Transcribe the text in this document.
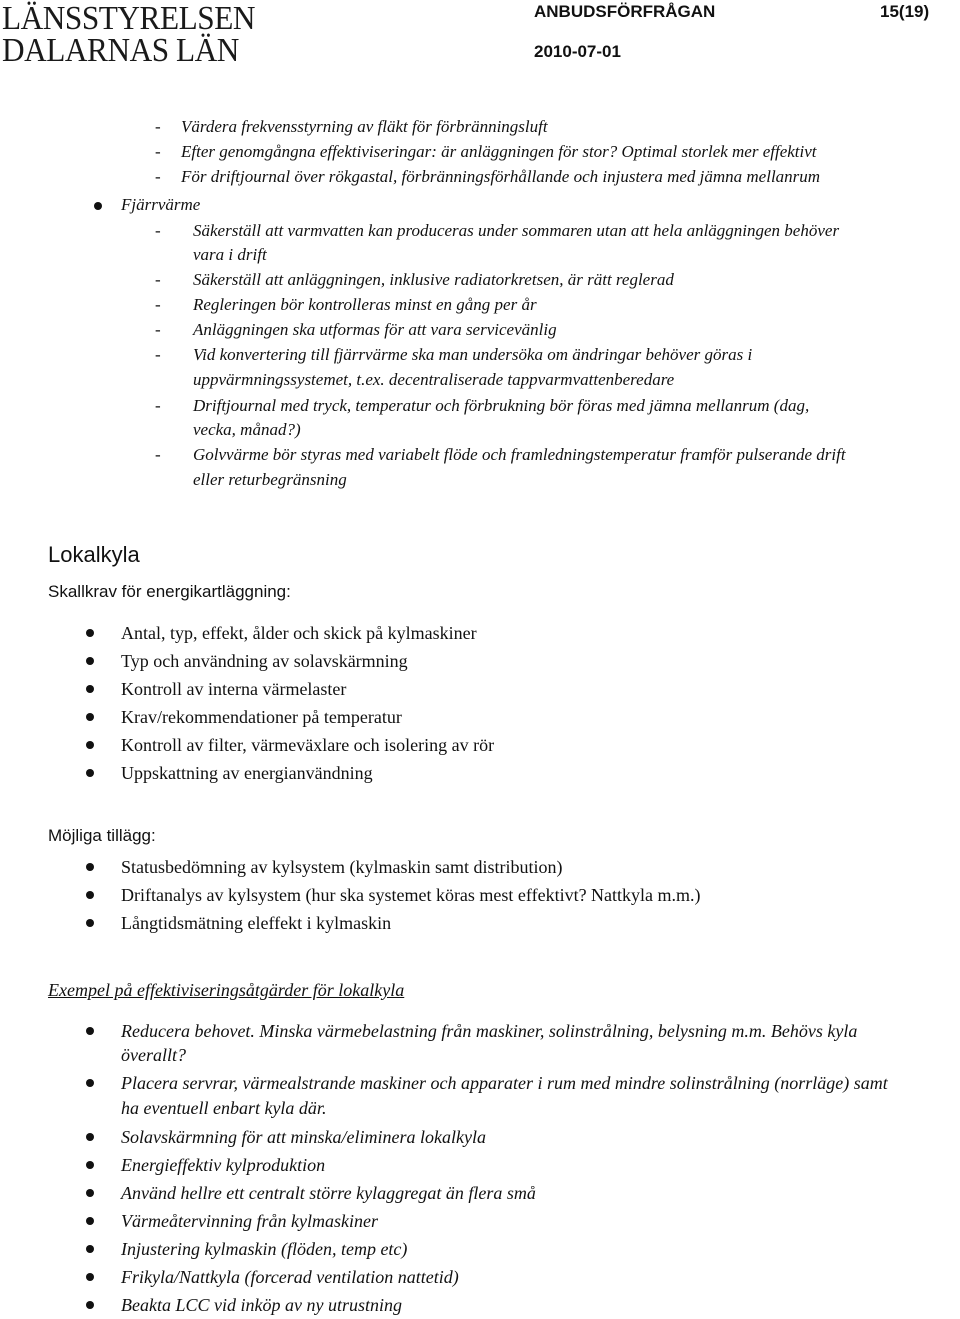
LÄNSSTYRELSEN
DALARNAS LÄN
ANBUDSFÖRFRÅGAN	15(19)
2010-07-01
- Värdera frekvensstyrning av fläkt för förbränningsluft
- Efter genomgångna effektiviseringar: är anläggningen för stor? Optimal storlek mer effektivt
- För driftjournal över rökgastal, förbränningsförhållande och injustera med jämna mellanrum
Fjärrvärme
- Säkerställ att varmvatten kan produceras under sommaren utan att hela anläggningen behöver
vara i drift
- Säkerställ att anläggningen, inklusive radiatorkretsen, är rätt reglerad
- Regleringen bör kontrolleras minst en gång per år
- Anläggningen ska utformas för att vara servicevänlig
- Vid konvertering till fjärrvärme ska man undersöka om ändringar behöver göras i
uppvärmningssystemet, t.ex. decentraliserade tappvarmvattenberedare
- Driftjournal med tryck, temperatur och förbrukning bör föras med jämna mellanrum (dag,
vecka, månad?)
- Golvvärme bör styras med variabelt flöde och framledningstemperatur framför pulserande drift
eller returbegränsning
Lokalkyla
Skallkrav för energikartläggning:
Antal, typ, effekt, ålder och skick på kylmaskiner
Typ och användning av solavskärmning
Kontroll av interna värmelaster
Krav/rekommendationer på temperatur
Kontroll av filter, värmeväxlare och isolering av rör
Uppskattning av energianvändning
Möjliga tillägg:
Statusbedömning av kylsystem (kylmaskin samt distribution)
Driftanalys av kylsystem (hur ska systemet köras mest effektivt? Nattkyla m.m.)
Långtidsmätning eleffekt i kylmaskin
Exempel på effektiviseringsåtgärder för lokalkyla
Reducera behovet. Minska värmebelastning från maskiner, solinstrålning, belysning m.m. Behövs kyla
överallt?
Placera servrar, värmealstrande maskiner och apparater i rum med mindre solinstrålning (norrläge) samt
ha eventuell enbart kyla där.
Solavskärmning för att minska/eliminera lokalkyla
Energieffektiv kylproduktion
Använd hellre ett centralt större kylaggregat än flera små
Värmeåtervinning från kylmaskiner
Injustering kylmaskin (flöden, temp etc)
Frikyla/Nattkyla (forcerad ventilation nattetid)
Beakta LCC vid inköp av ny utrustning
